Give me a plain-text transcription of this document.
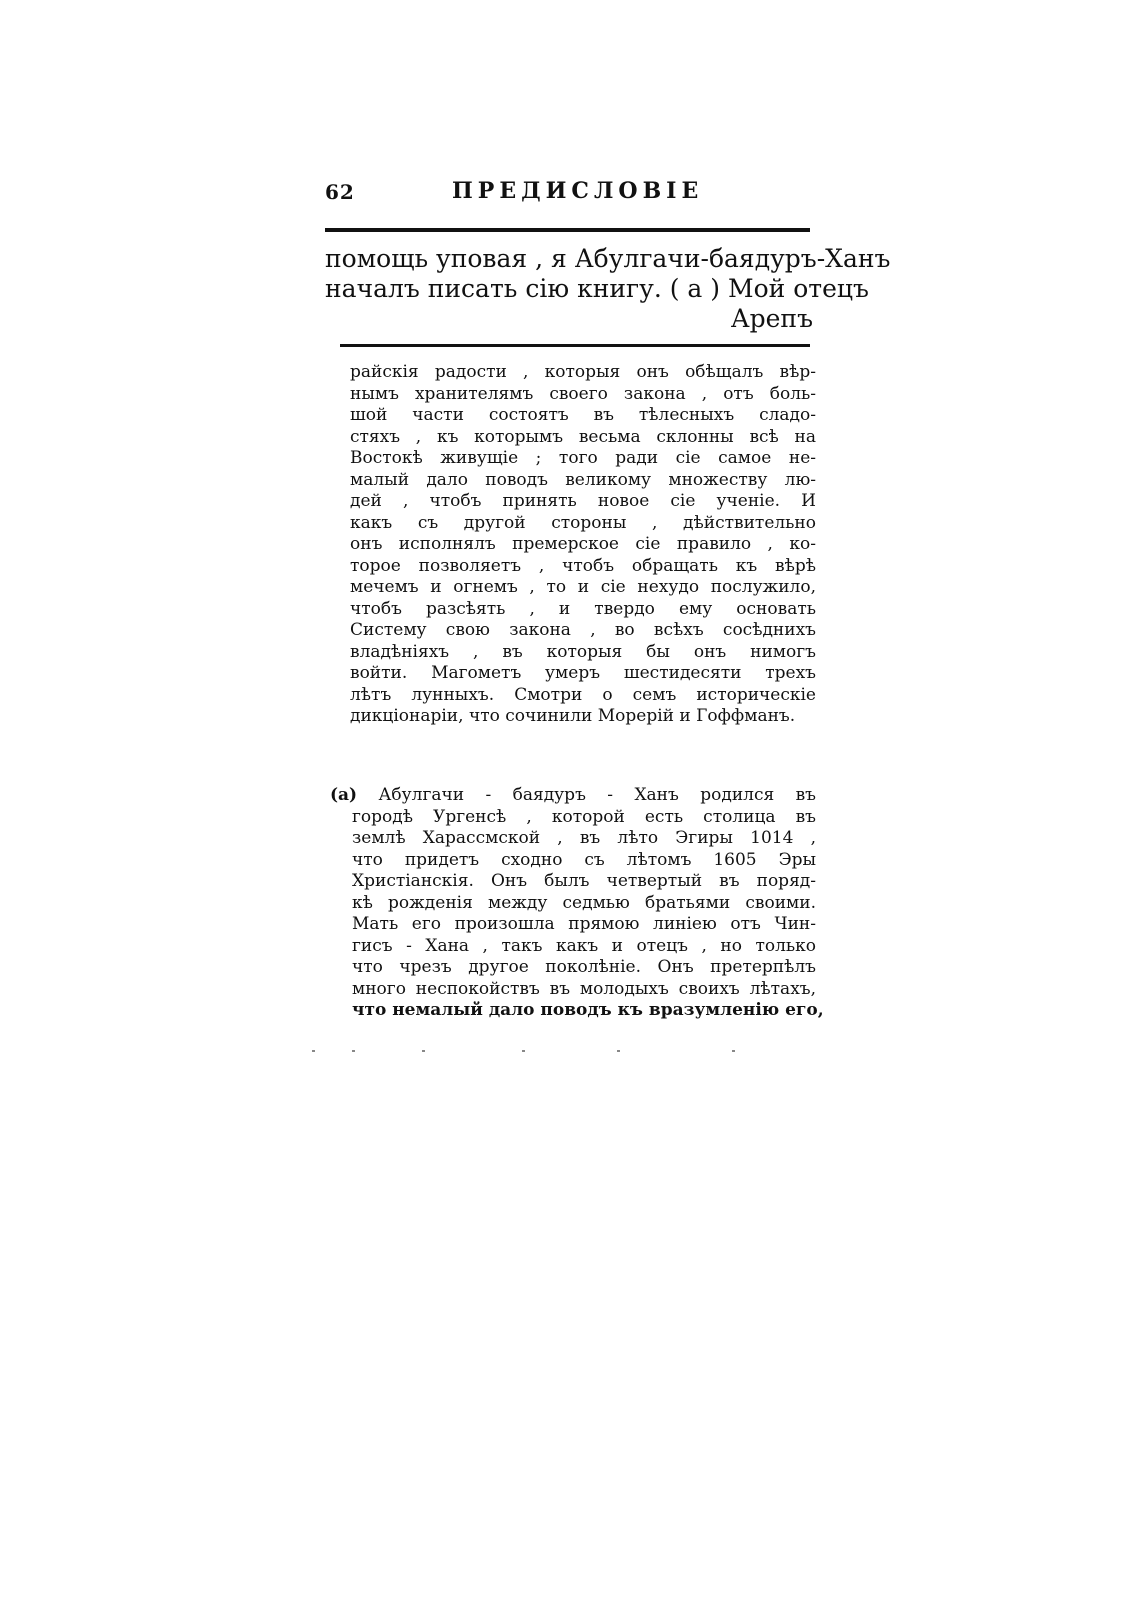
62	ПРЕДИСЛОВIЕ
помощь уповая , я Абулгачи-баядуръ-Ханъ
началъ писать сiю книгу. ( a ) Мой отецъ
Арепъ
райскiя радости , которыя онъ обѣщалъ вѣр-
нымъ хранителямъ своего закона , отъ боль-
шой части состоятъ въ тѣлесныхъ сладо-
стяхъ , къ которымъ весьма склонны всѣ на
Востокѣ живущiе ; того ради сiе самое не-
малый дало поводъ великому множеству лю-
дей , чтобъ принять новое сiе ученiе. И
какъ съ другой стороны , дѣйствительно
онъ исполнялъ премерское сiе правило , ко-
торое позволяетъ , чтобъ обращать къ вѣрѣ
мечемъ и огнемъ , то и сiе нехудо послужило,
чтобъ разсѣять , и твердо ему основать
Систему свою закона , во всѣхъ сосѣднихъ
владѣнiяхъ , въ которыя бы онъ нимогъ
войти. Магометъ умеръ шестидесяти трехъ
лѣтъ лунныхъ. Смотри о семъ историческiе
дикцiонарiи, что сочинили Морерiй и Гоффманъ.
(a) Абулгачи - баядуръ - Ханъ родился въ
городѣ Ургенсѣ , которой есть столица въ
землѣ Харассмской , въ лѣто Эгиры 1014 ,
что придетъ сходно съ лѣтомъ 1605 Эры
Христiанскiя. Онъ былъ четвертый въ поряд-
кѣ рожденiя между седмью братьями своими.
Мать его произошла прямою линiею отъ Чин-
гисъ - Хана , такъ какъ и отецъ , но только
что чрезъ другое поколѣнiе. Онъ претерпѣлъ
много неспокойствъ въ молодыхъ своихъ лѣтахъ,
что немалый дало поводъ къ вразумленiю его,
